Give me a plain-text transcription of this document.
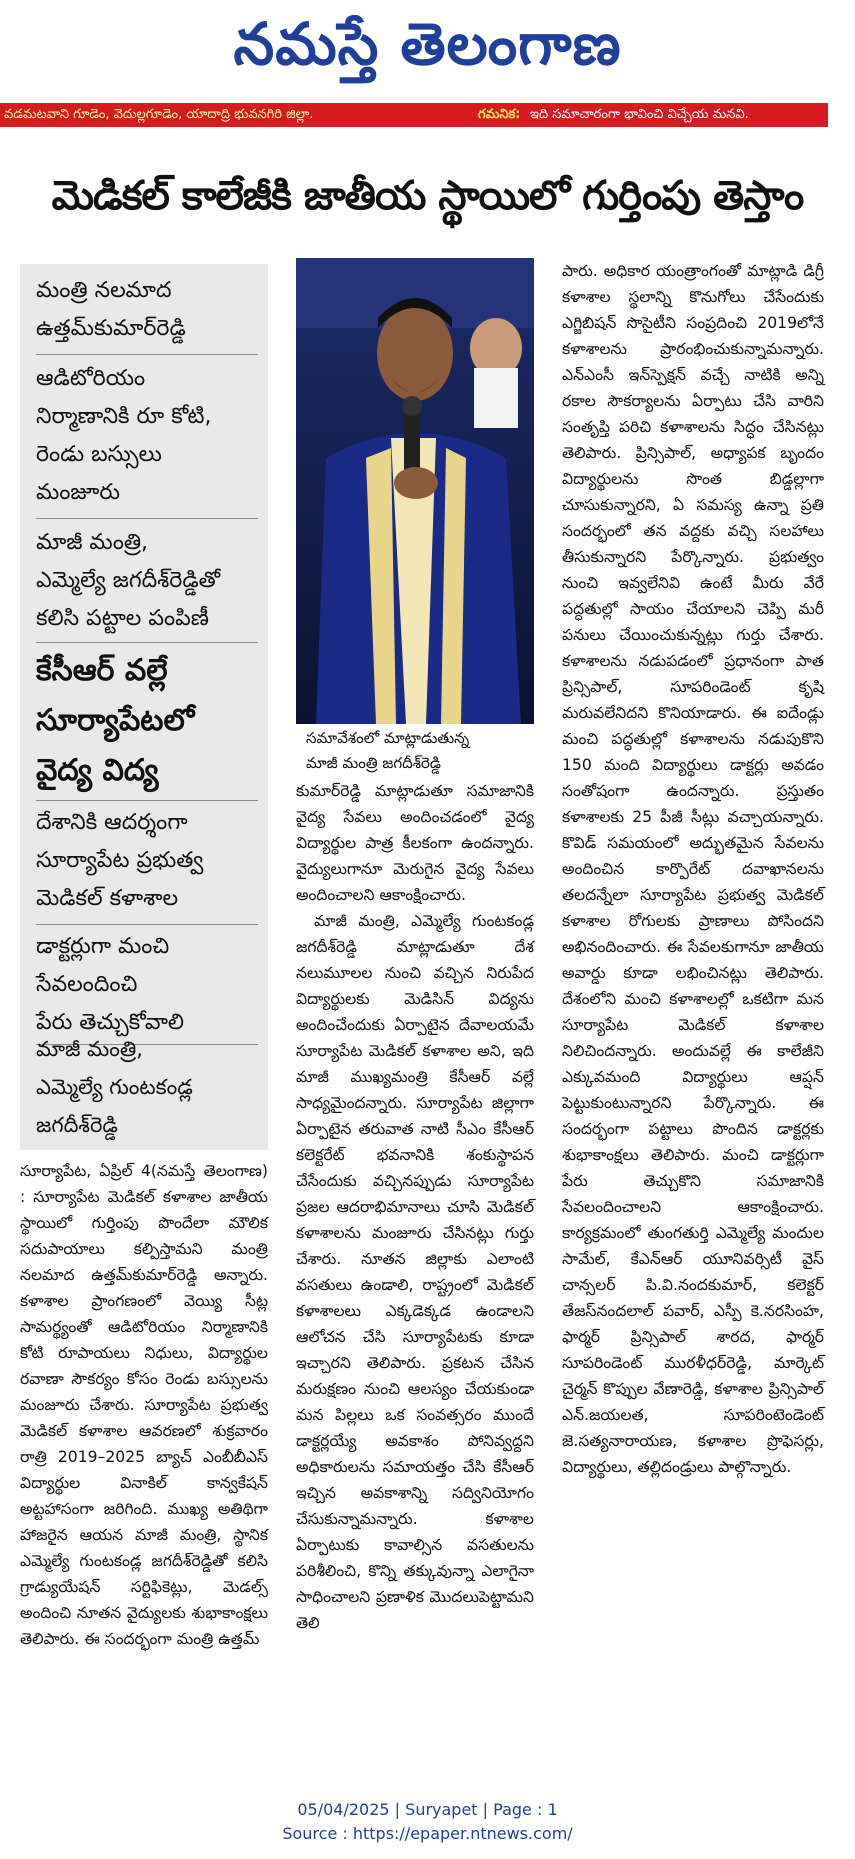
నమస్తే తెలంగాణ
వడమటవాని గూడెం, వెదుల్లగూడెం, యాదాద్రి భువనగిరి జిల్లా.	గమనిక: ఇది సమాచారంగా భావించి విచ్చేయ మనవి.
మెడికల్ కాలేజీకి జాతీయ స్థాయిలో గుర్తింపు తెస్తాం
మంత్రి నలమాద
ఉత్తమ్‌కుమార్‌రెడ్డి
ఆడిటోరియం
నిర్మాణానికి రూ కోటి,
రెండు బస్సులు
మంజూరు
మాజీ మంత్రి,
ఎమ్మెల్యే జగదీశ్‌రెడ్డితో
కలిసి పట్టాల పంపిణీ
కేసీఆర్ వల్లే
సూర్యాపేటలో
వైద్య విద్య
దేశానికి ఆదర్శంగా
సూర్యాపేట ప్రభుత్వ
మెడికల్ కళాశాల
డాక్టర్లుగా మంచి
సేవలందించి
పేరు తెచ్చుకోవాలి
మాజీ మంత్రి,
ఎమ్మెల్యే గుంటకండ్ల
జగదీశ్‌రెడ్డి
సమావేశంలో మాట్లాడుతున్న
మాజీ మంత్రి జగదీశ్‌రెడ్డి

సూర్యాపేట, ఏప్రిల్ 4(నమస్తే తెలంగాణ) : సూర్యాపేట మెడికల్ కళాశాల జాతీయ స్థాయిలో గుర్తింపు పొందేలా మౌలిక సదుపాయాలు కల్పిస్తామని మంత్రి నలమాద ఉత్తమ్‌కుమార్‌రెడ్డి అన్నారు. కళాశాల ప్రాంగణంలో వెయ్యి సీట్ల సామర్థ్యంతో ఆడిటోరియం నిర్మాణానికి కోటి రూపాయలు నిధులు, విద్యార్థుల రవాణా సౌకర్యం కోసం రెండు బస్సులను మంజూరు చేశారు. సూర్యాపేట ప్రభుత్వ మెడికల్ కళాశాల ఆవరణలో శుక్రవారం రాత్రి 2019–2025 బ్యాచ్ ఎంబీబీఎస్ విద్యార్థుల వినాకిల్ కాన్వకేషన్ అట్టహాసంగా జరిగింది. ముఖ్య అతిథిగా హాజరైన ఆయన మాజీ మంత్రి, స్థానిక ఎమ్మెల్యే గుంటకండ్ల జగదీశ్‌రెడ్డితో కలిసి గ్రాడ్యుయేషన్ సర్టిఫికెట్లు, మెడల్స్ అందించి నూతన వైద్యులకు శుభాకాంక్షలు తెలిపారు. ఈ సందర్భంగా మంత్రి ఉత్తమ్

కుమార్‌రెడ్డి మాట్లాడుతూ సమాజానికి వైద్య సేవలు అందించడంలో వైద్య విద్యార్థుల పాత్ర కీలకంగా ఉందన్నారు. వైద్యులుగానూ మెరుగైన వైద్య సేవలు అందించాలని ఆకాంక్షించారు.

మాజీ మంత్రి, ఎమ్మెల్యే గుంటకండ్ల జగదీశ్‌రెడ్డి మాట్లాడుతూ దేశ నలుమూలల నుంచి వచ్చిన నిరుపేద విద్యార్థులకు మెడిసిన్ విద్యను అందించేందుకు ఏర్పాటైన దేవాలయమే సూర్యాపేట మెడికల్ కళాశాల అని, ఇది మాజీ ముఖ్యమంత్రి కేసీఆర్ వల్లే సాధ్యమైందన్నారు. సూర్యాపేట జిల్లాగా ఏర్పాటైన తరువాత నాటి సీఎం కేసీఆర్ కలెక్టరేట్ భవనానికి శంకుస్థాపన చేసేందుకు వచ్చినప్పుడు సూర్యాపేట ప్రజల ఆదరాభిమానాలు చూసి మెడికల్ కళాశాలను మంజూరు చేసినట్లు గుర్తు చేశారు. నూతన జిల్లాకు ఎలాంటి వసతులు ఉండాలి, రాష్ట్రంలో మెడికల్ కళాశాలలు ఎక్కడెక్కడ ఉండాలని ఆలోచన చేసి సూర్యాపేటకు కూడా ఇచ్చారని తెలిపారు. ప్రకటన చేసిన మరుక్షణం నుంచి ఆలస్యం చేయకుండా మన పిల్లలు ఒక సంవత్సరం ముందే డాక్టర్లయ్యే అవకాశం పోనివ్వద్దని అధికారులను సమాయత్తం చేసి కేసీఆర్ ఇచ్చిన అవకాశాన్ని సద్వినియోగం చేసుకున్నామన్నారు. కళాశాల ఏర్పాటుకు కావాల్సిన వసతులను పరిశీలించి, కొన్ని తక్కువున్నా ఎలాగైనా సాధించాలని ప్రణాళిక మొదలుపెట్టామని తెలి

పారు. అధికార యంత్రాంగంతో మాట్లాడి డిగ్రీ కళాశాల స్థలాన్ని కొనుగోలు చేసేందుకు ఎగ్జిబిషన్ సొసైటీని సంప్రదించి 2019లోనే కళాశాలను ప్రారంభించుకున్నామన్నారు. ఎన్ఎంసీ ఇన్‌స్పెక్షన్ వచ్చే నాటికి అన్ని రకాల సౌకర్యాలను ఏర్పాటు చేసి వారిని సంతృప్తి పరిచి కళాశాలను సిద్ధం చేసినట్లు తెలిపారు. ప్రిన్సిపాల్, అధ్యాపక బృందం విద్యార్థులను సొంత బిడ్డల్లాగా చూసుకున్నారని, ఏ సమస్య ఉన్నా ప్రతి సందర్భంలో తన వద్దకు వచ్చి సలహాలు తీసుకున్నారని పేర్కొన్నారు. ప్రభుత్వం నుంచి ఇవ్వలేనివి ఉంటే మీరు వేరే పద్ధతుల్లో సాయం చేయాలని చెప్పి మరీ పనులు చేయించుకున్నట్లు గుర్తు చేశారు. కళాశాలను నడుపడంలో ప్రధానంగా పాత ప్రిన్సిపాల్, సూపరిండెంట్ కృషి మరువలేనిదని కొనియాడారు. ఈ ఐదేండ్లు మంచి పద్ధతుల్లో కళాశాలను నడుపుకొని 150 మంది విద్యార్థులు డాక్టర్లు అవడం సంతోషంగా ఉందన్నారు. ప్రస్తుతం కళాశాలకు 25 పీజీ సీట్లు వచ్చాయన్నారు. కొవిడ్ సమయంలో అద్భుతమైన సేవలను అందించిన కార్పొరేట్ దవాఖానలను తలదన్నేలా సూర్యాపేట ప్రభుత్వ మెడికల్ కళాశాల రోగులకు ప్రాణాలు పోసిందని అభినందించారు. ఈ సేవలకుగానూ జాతీయ అవార్డు కూడా లభించినట్లు తెలిపారు. దేశంలోని మంచి కళాశాలల్లో ఒకటిగా మన సూర్యాపేట మెడికల్ కళాశాల నిలిచిందన్నారు. అందువల్లే ఈ కాలేజీని ఎక్కువమంది విద్యార్థులు ఆప్షన్ పెట్టుకుంటున్నారని పేర్కొన్నారు. ఈ సందర్భంగా పట్టాలు పొందిన డాక్టర్లకు శుభాకాంక్షలు తెలిపారు. మంచి డాక్టర్లుగా పేరు తెచ్చుకొని సమాజానికి సేవలందించాలని ఆకాంక్షించారు. కార్యక్రమంలో తుంగతుర్తి ఎమ్మెల్యే మందుల సామేల్, కేఎన్ఆర్ యూనివర్సిటీ వైస్ చాన్సలర్ పి.వి.నందకుమార్, కలెక్టర్ తేజస్‌నందలాల్ పవార్, ఎస్పీ కె.నరసింహ, ఫార్మర్ ప్రిన్సిపాల్ శారద, ఫార్మర్ సూపరిండెంట్ మురళీధర్‌రెడ్డి, మార్కెట్ చైర్మన్ కొప్పుల వేణారెడ్డి, కళాశాల ప్రిన్సిపాల్ ఎన్.జయలత, సూపరింటెండెంట్ జె.సత్యనారాయణ, కళాశాల ప్రొఫెసర్లు, విద్యార్థులు, తల్లిదండ్రులు పాల్గొన్నారు.

05/04/2025 | Suryapet | Page : 1
Source : https://epaper.ntnews.com/
